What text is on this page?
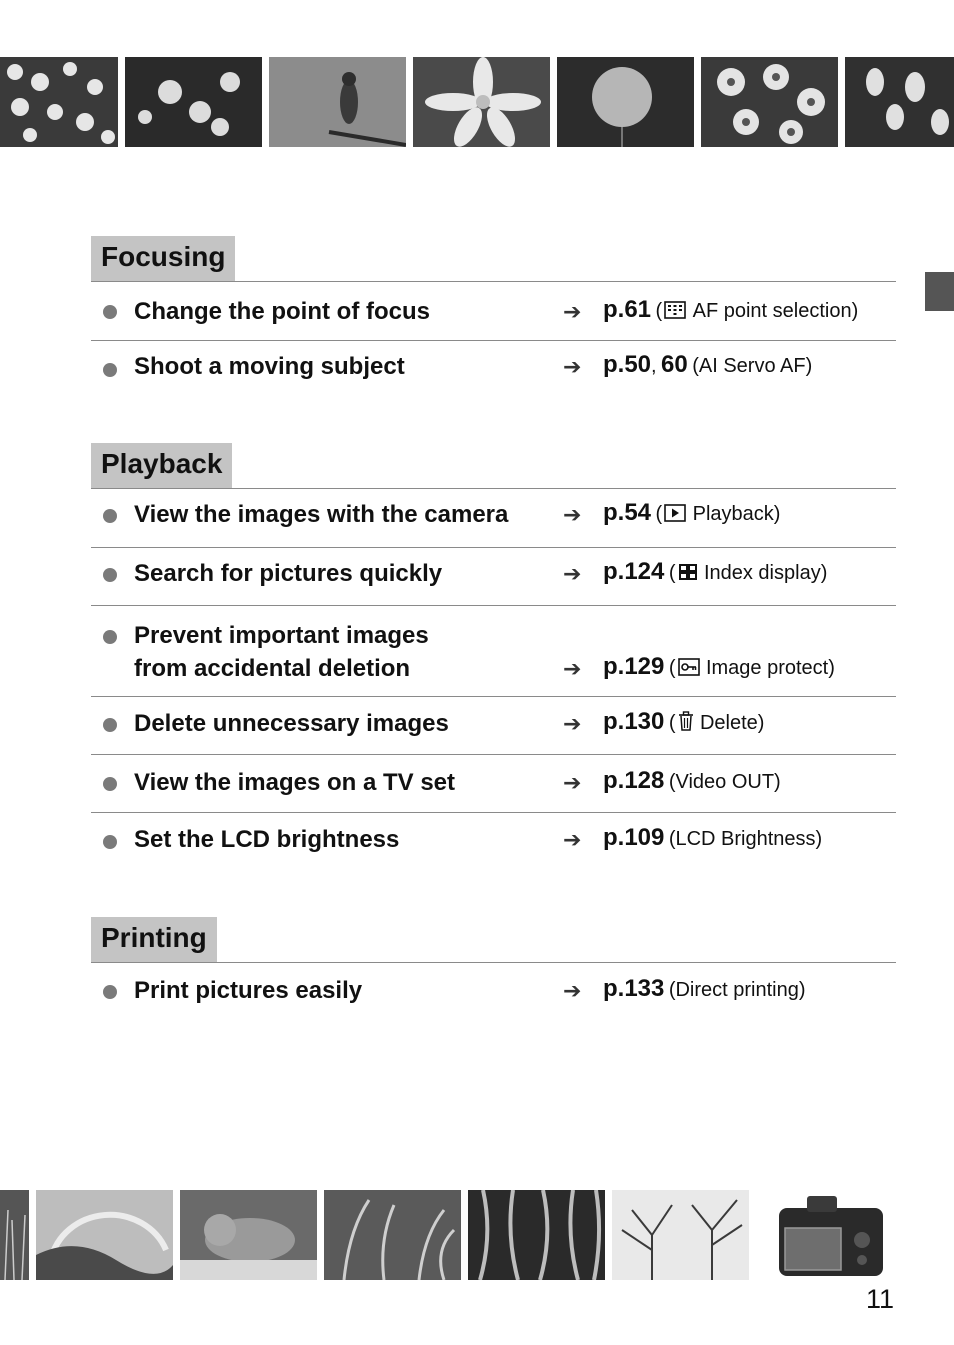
Focusing
Change the point of focus	➔ p.61 ( AF point selection)
Shoot a moving subject	➔ p.50, 60 (AI Servo AF)
Playback
View the images with the camera ➔ p.54 ( Playback)
Search for pictures quickly	➔ p.124 ( Index display)
Prevent important images
from accidental deletion	➔ p.129 ( Image protect)
Delete unnecessary images	➔ p.130 ( Delete)
View the images on a TV set	➔ p.128 (Video OUT)
Set the LCD brightness	➔ p.109 (LCD Brightness)
Printing
Print pictures easily	➔ p.133 (Direct printing)
11
